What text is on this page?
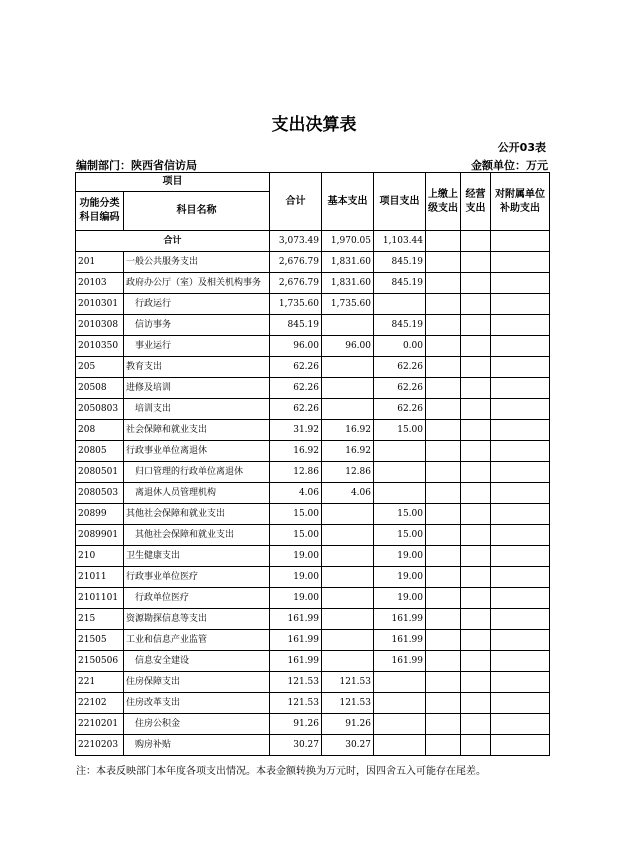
支出决算表
公开03表
编制部门：陕西省信访局	金额单位：万元
项目		合计	基本支出	项目支出	上缴上级支出	经营支出	对附属单位补助支出
功能分类科目编码	科目名称						
合计		3,073.49	1,970.05	1,103.44			
201	一般公共服务支出	2,676.79	1,831.60	845.19			
20103	政府办公厅（室）及相关机构事务	2,676.79	1,831.60	845.19			
2010301	行政运行	1,735.60	1,735.60				
2010308	信访事务	845.19		845.19			
2010350	事业运行	96.00	96.00	0.00			
205	教育支出	62.26		62.26			
20508	进修及培训	62.26		62.26			
2050803	培训支出	62.26		62.26			
208	社会保障和就业支出	31.92	16.92	15.00			
20805	行政事业单位离退休	16.92	16.92				
2080501	归口管理的行政单位离退休	12.86	12.86				
2080503	离退休人员管理机构	4.06	4.06				
20899	其他社会保障和就业支出	15.00		15.00			
2089901	其他社会保障和就业支出	15.00		15.00			
210	卫生健康支出	19.00		19.00			
21011	行政事业单位医疗	19.00		19.00			
2101101	行政单位医疗	19.00		19.00			
215	资源勘探信息等支出	161.99		161.99			
21505	工业和信息产业监管	161.99		161.99			
2150506	信息安全建设	161.99		161.99			
221	住房保障支出	121.53	121.53				
22102	住房改革支出	121.53	121.53				
2210201	住房公积金	91.26	91.26				
2210203	购房补贴	30.27	30.27				
注：本表反映部门本年度各项支出情况。本表金额转换为万元时，因四舍五入可能存在尾差。
